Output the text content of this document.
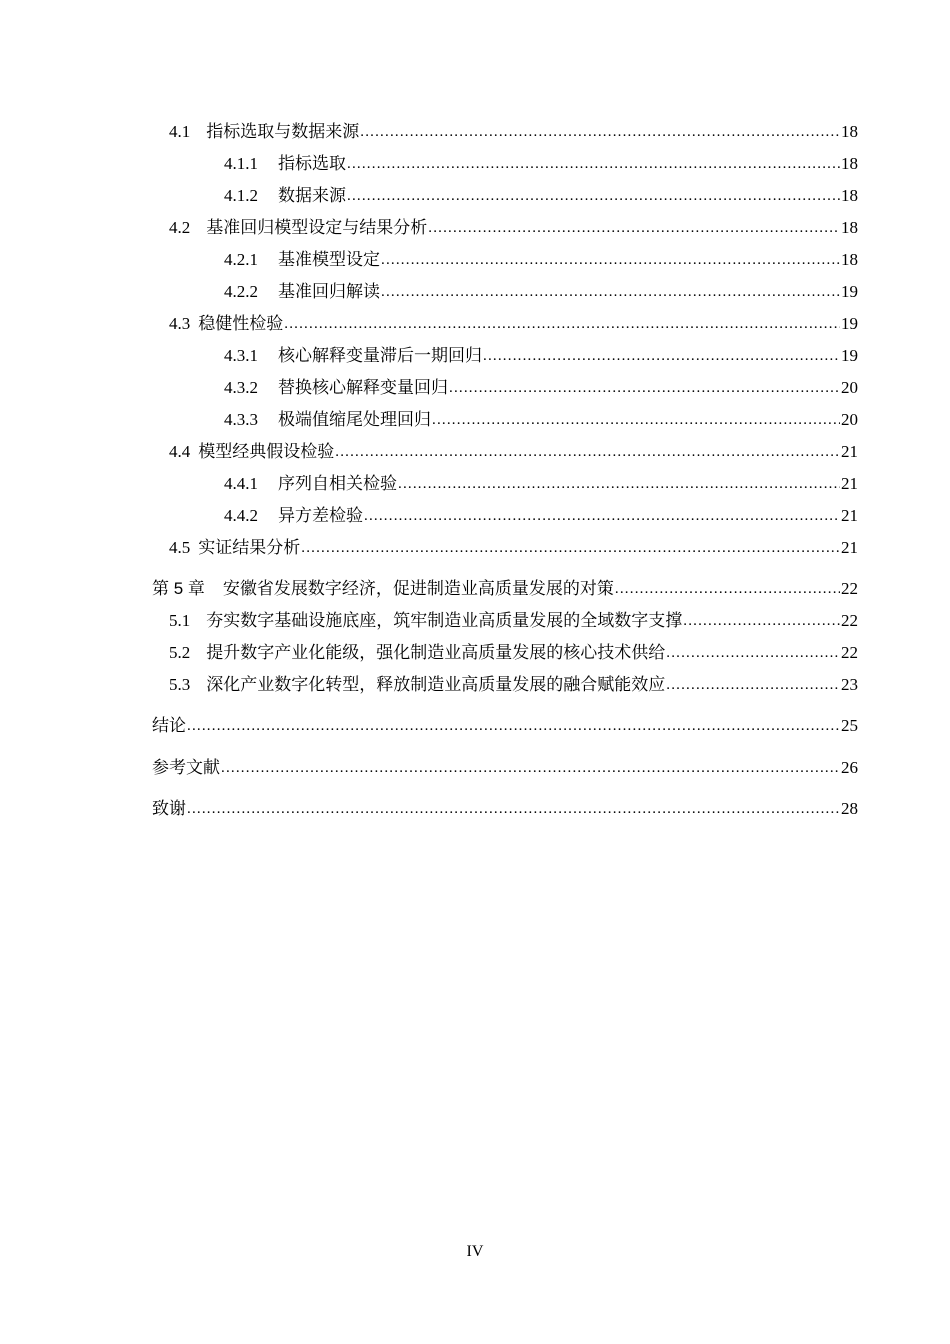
4.1 指标选取与数据来源 .....	18
4.1.1	指标选取 .....	18
4.1.2	数据来源 .....	18
4.2 基准回归模型设定与结果分析 .....	18
4.2.1	基准模型设定 .....	18
4.2.2	基准回归解读 .....	19
4.3 稳健性检验 .....	19
4.3.1	核心解释变量滞后一期回归 .....	19
4.3.2	替换核心解释变量回归 .....	20
4.3.3	极端值缩尾处理回归 .....	20
4.4 模型经典假设检验 .....	21
4.4.1	序列自相关检验 .....	21
4.4.2	异方差检验 .....	21
4.5 实证结果分析 .....	21
第 5 章	安徽省发展数字经济，促进制造业高质量发展的对策 .....	22
5.1 夯实数字基础设施底座，筑牢制造业高质量发展的全域数字支撑 .....	22
5.2 提升数字产业化能级，强化制造业高质量发展的核心技术供给 .....	22
5.3 深化产业数字化转型，释放制造业高质量发展的融合赋能效应 .....	23
结论 .....	25
参考文献 .....	26
致谢 .....	28
IV
